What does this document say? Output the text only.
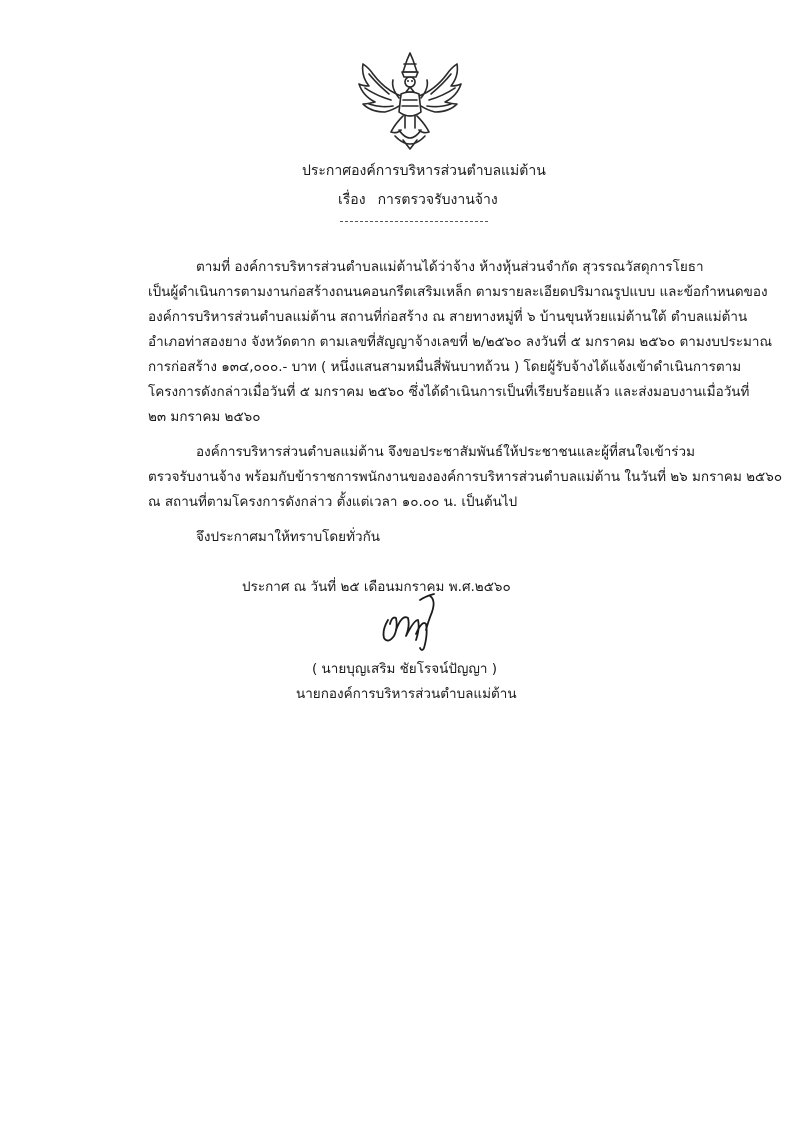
ประกาศองค์การบริหารส่วนตำบลแม่ต้าน
เรื่อง การตรวจรับงานจ้าง
ตามที่ องค์การบริหารส่วนตำบลแม่ต้านได้ว่าจ้าง ห้างหุ้นส่วนจำกัด สุวรรณวัสดุการโยธา
เป็นผู้ดำเนินการตามงานก่อสร้างถนนคอนกรีตเสริมเหล็ก ตามรายละเอียดปริมาณรูปแบบ และข้อกำหนดของ
องค์การบริหารส่วนตำบลแม่ต้าน สถานที่ก่อสร้าง ณ สายทางหมู่ที่ ๖ บ้านขุนห้วยแม่ต้านใต้ ตำบลแม่ต้าน
อำเภอท่าสองยาง จังหวัดตาก ตามเลขที่สัญญาจ้างเลขที่ ๒/๒๕๖๐ ลงวันที่ ๕ มกราคม ๒๕๖๐ ตามงบประมาณ
การก่อสร้าง ๑๓๔,๐๐๐.- บาท ( หนึ่งแสนสามหมื่นสี่พันบาทถ้วน ) โดยผู้รับจ้างได้แจ้งเข้าดำเนินการตาม
โครงการดังกล่าวเมื่อวันที่ ๕ มกราคม ๒๕๖๐ ซึ่งได้ดำเนินการเป็นที่เรียบร้อยแล้ว และส่งมอบงานเมื่อวันที่
๒๓ มกราคม ๒๕๖๐
องค์การบริหารส่วนตำบลแม่ต้าน จึงขอประชาสัมพันธ์ให้ประชาชนและผู้ที่สนใจเข้าร่วม
ตรวจรับงานจ้าง พร้อมกับข้าราชการพนักงานขององค์การบริหารส่วนตำบลแม่ต้าน ในวันที่ ๒๖ มกราคม ๒๕๖๐
ณ สถานที่ตามโครงการดังกล่าว ตั้งแต่เวลา ๑๐.๐๐ น. เป็นต้นไป
จึงประกาศมาให้ทราบโดยทั่วกัน
ประกาศ ณ วันที่ ๒๕ เดือนมกราคม พ.ศ.๒๕๖๐
( นายบุญเสริม ชัยโรจน์ปัญญา )
นายกองค์การบริหารส่วนตำบลแม่ต้าน
